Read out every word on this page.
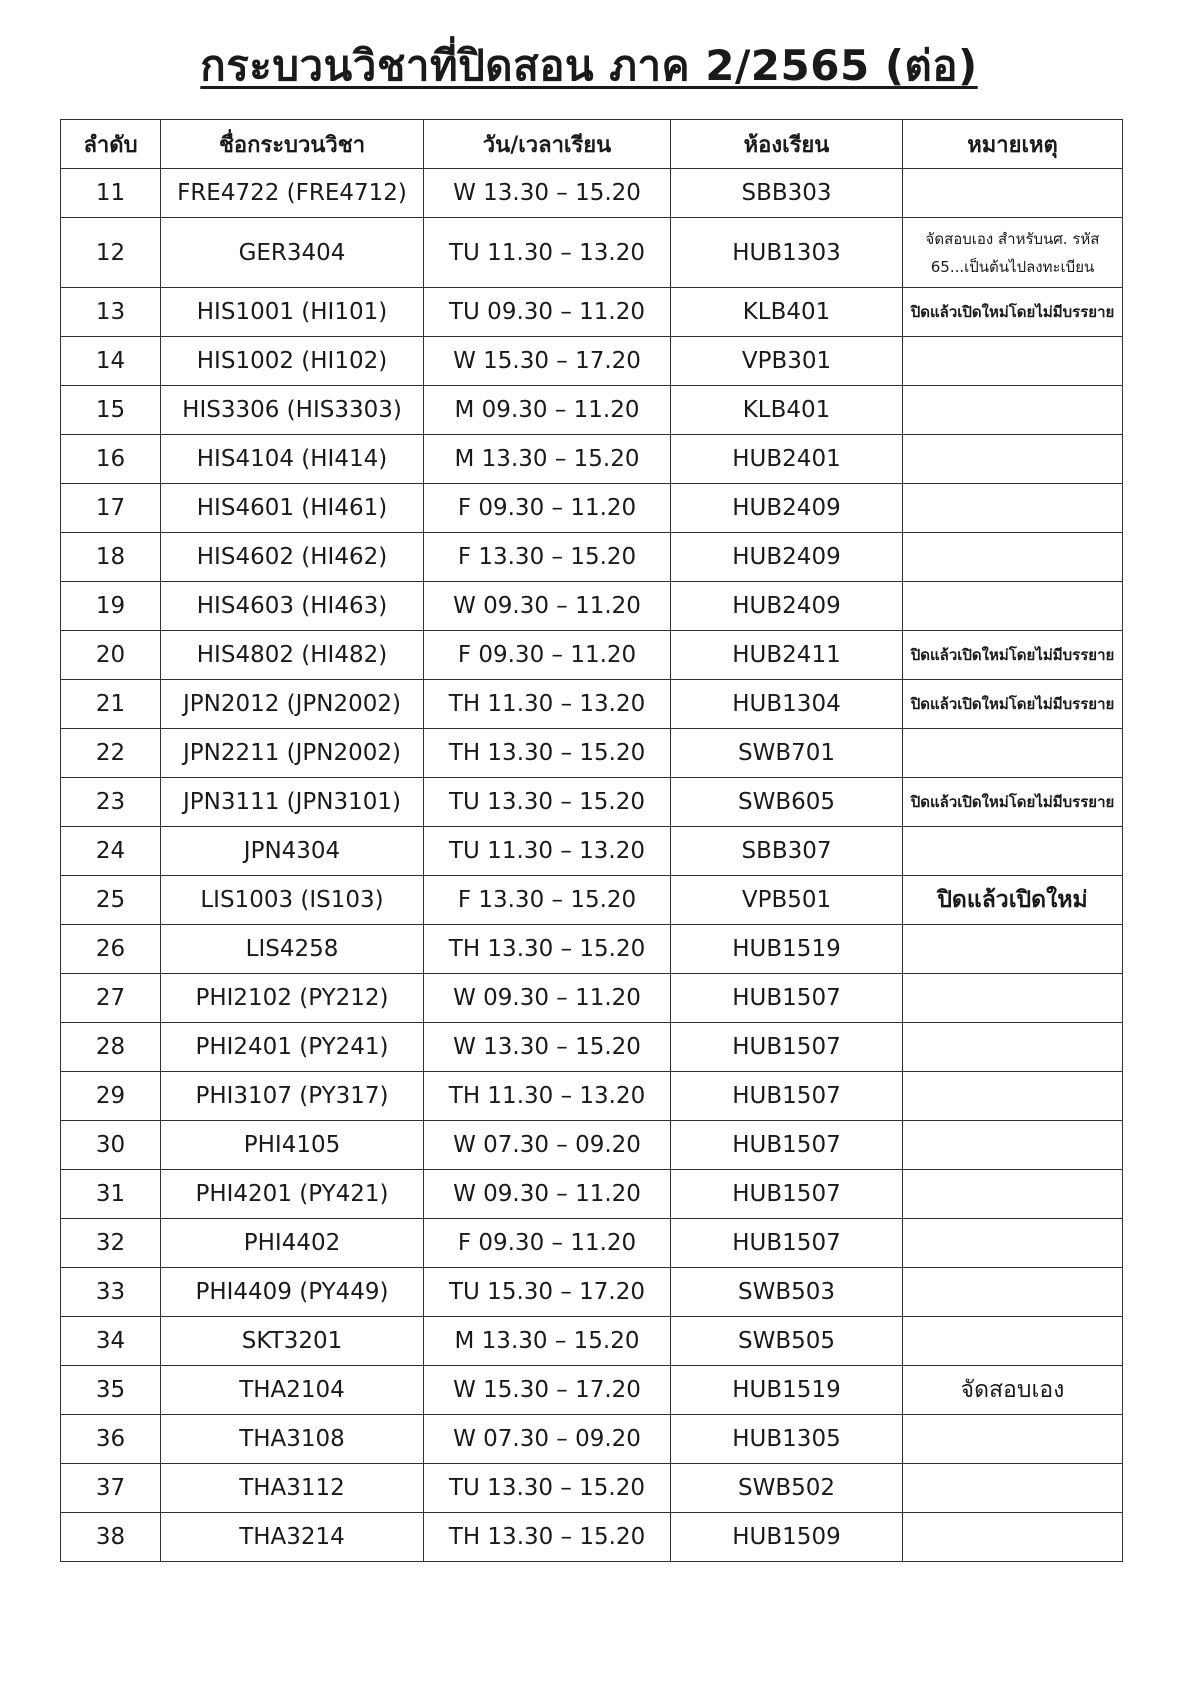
กระบวนวิชาที่ปิดสอน ภาค 2/2565 (ต่อ)
ลำดับ	ชื่อกระบวนวิชา	วัน/เวลาเรียน	ห้องเรียน	หมายเหตุ
11	FRE4722 (FRE4712)	W 13.30 – 15.20	SBB303	

12	GER3404	TU 11.30 – 13.20	HUB1303	จัดสอบเอง สำหรับนศ. รหัส 65...เป็นต้นไปลงทะเบียน

13	HIS1001 (HI101)	TU 09.30 – 11.20	KLB401	ปิดแล้วเปิดใหม่โดยไม่มีบรรยาย

14	HIS1002 (HI102)	W 15.30 – 17.20	VPB301	

15	HIS3306 (HIS3303)	M 09.30 – 11.20	KLB401	

16	HIS4104 (HI414)	M 13.30 – 15.20	HUB2401	

17	HIS4601 (HI461)	F 09.30 – 11.20	HUB2409	

18	HIS4602 (HI462)	F 13.30 – 15.20	HUB2409	

19	HIS4603 (HI463)	W 09.30 – 11.20	HUB2409	

20	HIS4802 (HI482)	F 09.30 – 11.20	HUB2411	ปิดแล้วเปิดใหม่โดยไม่มีบรรยาย

21	JPN2012 (JPN2002)	TH 11.30 – 13.20	HUB1304	ปิดแล้วเปิดใหม่โดยไม่มีบรรยาย

22	JPN2211 (JPN2002)	TH 13.30 – 15.20	SWB701	

23	JPN3111 (JPN3101)	TU 13.30 – 15.20	SWB605	ปิดแล้วเปิดใหม่โดยไม่มีบรรยาย

24	JPN4304	TU 11.30 – 13.20	SBB307	

25	LIS1003 (IS103)	F 13.30 – 15.20	VPB501	ปิดแล้วเปิดใหม่

26	LIS4258	TH 13.30 – 15.20	HUB1519	

27	PHI2102 (PY212)	W 09.30 – 11.20	HUB1507	

28	PHI2401 (PY241)	W 13.30 – 15.20	HUB1507	

29	PHI3107 (PY317)	TH 11.30 – 13.20	HUB1507	

30	PHI4105	W 07.30 – 09.20	HUB1507	

31	PHI4201 (PY421)	W 09.30 – 11.20	HUB1507	

32	PHI4402	F 09.30 – 11.20	HUB1507	

33	PHI4409 (PY449)	TU 15.30 – 17.20	SWB503	

34	SKT3201	M 13.30 – 15.20	SWB505	

35	THA2104	W 15.30 – 17.20	HUB1519	จัดสอบเอง

36	THA3108	W 07.30 – 09.20	HUB1305	

37	THA3112	TU 13.30 – 15.20	SWB502	

38	THA3214	TH 13.30 – 15.20	HUB1509	
